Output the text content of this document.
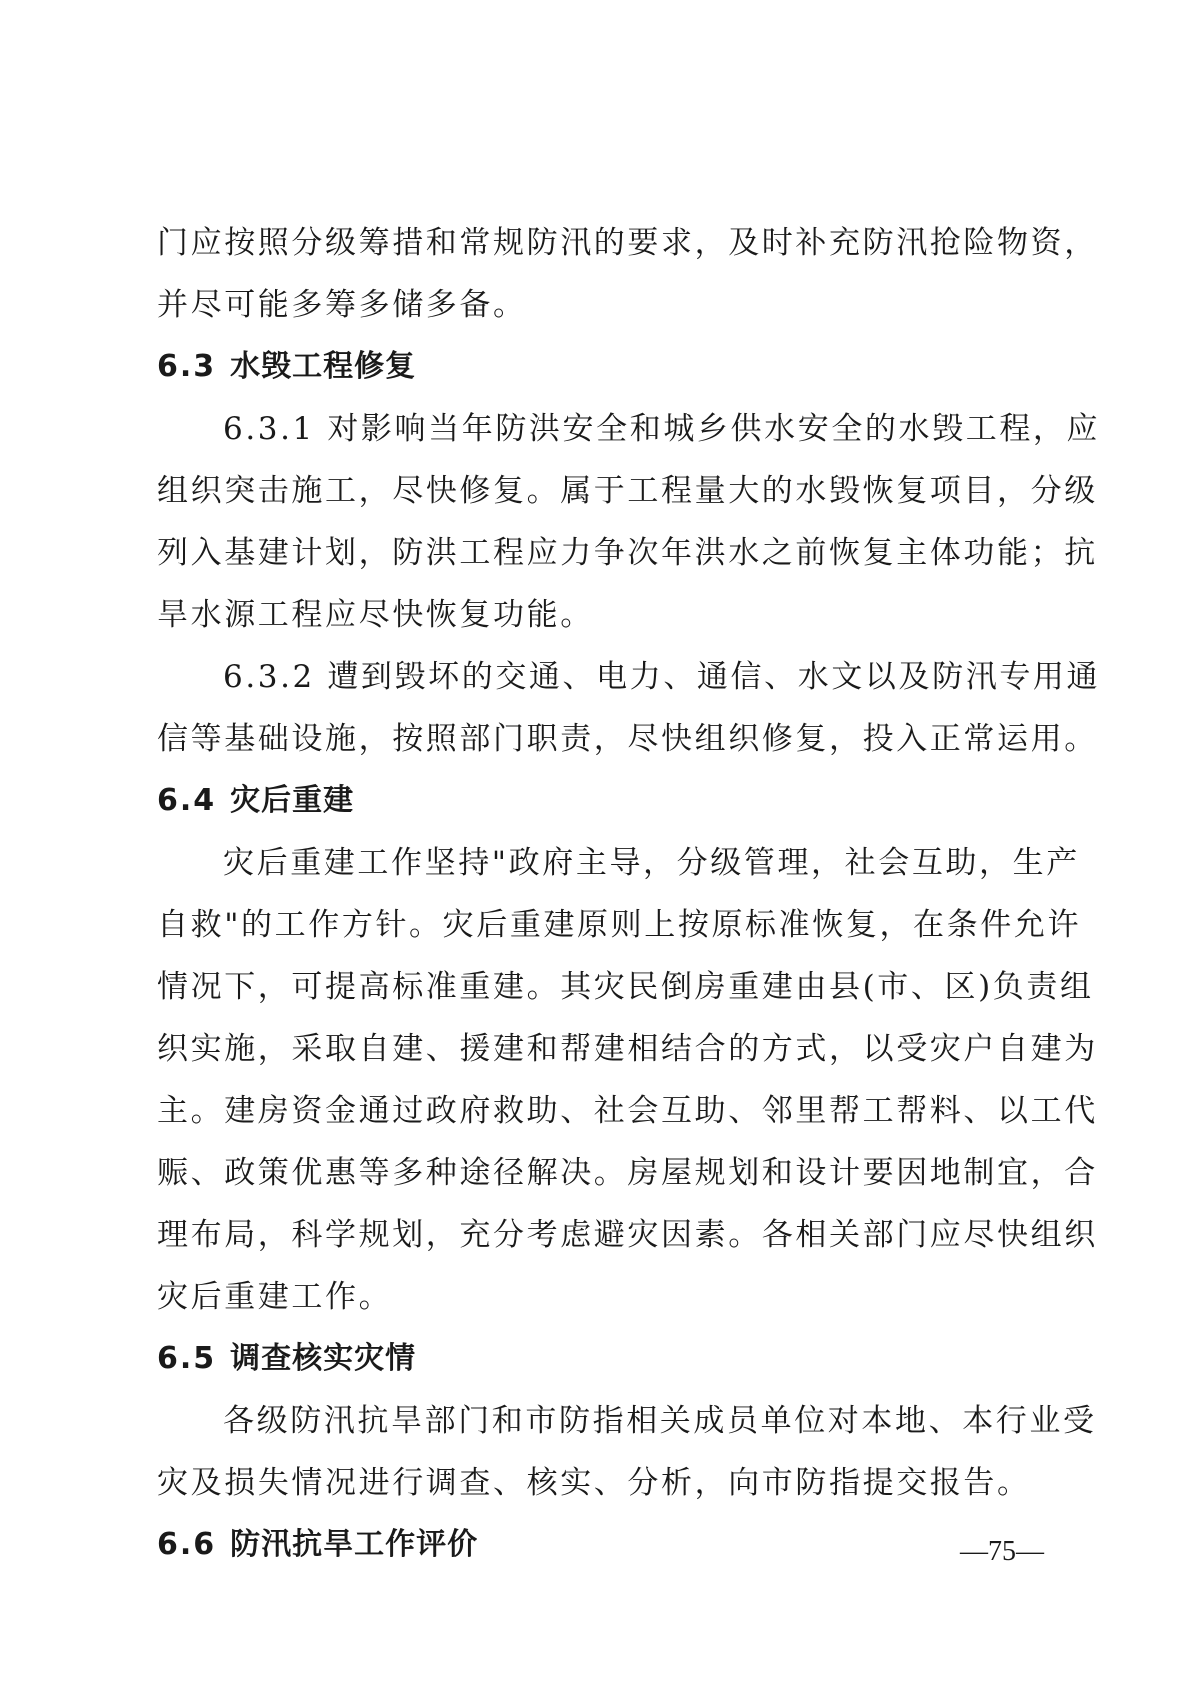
门应按照分级筹措和常规防汛的要求，及时补充防汛抢险物资，
并尽可能多筹多储多备。
6.3 水毁工程修复
6.3.1 对影响当年防洪安全和城乡供水安全的水毁工程，应
组织突击施工，尽快修复。属于工程量大的水毁恢复项目，分级
列入基建计划，防洪工程应力争次年洪水之前恢复主体功能；抗
旱水源工程应尽快恢复功能。
6.3.2 遭到毁坏的交通、电力、通信、水文以及防汛专用通
信等基础设施，按照部门职责，尽快组织修复，投入正常运用。
6.4 灾后重建
灾后重建工作坚持"政府主导，分级管理，社会互助，生产
自救"的工作方针。灾后重建原则上按原标准恢复，在条件允许
情况下，可提高标准重建。其灾民倒房重建由县(市、区)负责组
织实施，采取自建、援建和帮建相结合的方式，以受灾户自建为
主。建房资金通过政府救助、社会互助、邻里帮工帮料、以工代
赈、政策优惠等多种途径解决。房屋规划和设计要因地制宜，合
理布局，科学规划，充分考虑避灾因素。各相关部门应尽快组织
灾后重建工作。
6.5 调查核实灾情
各级防汛抗旱部门和市防指相关成员单位对本地、本行业受
灾及损失情况进行调查、核实、分析，向市防指提交报告。
6.6 防汛抗旱工作评价	—75—
